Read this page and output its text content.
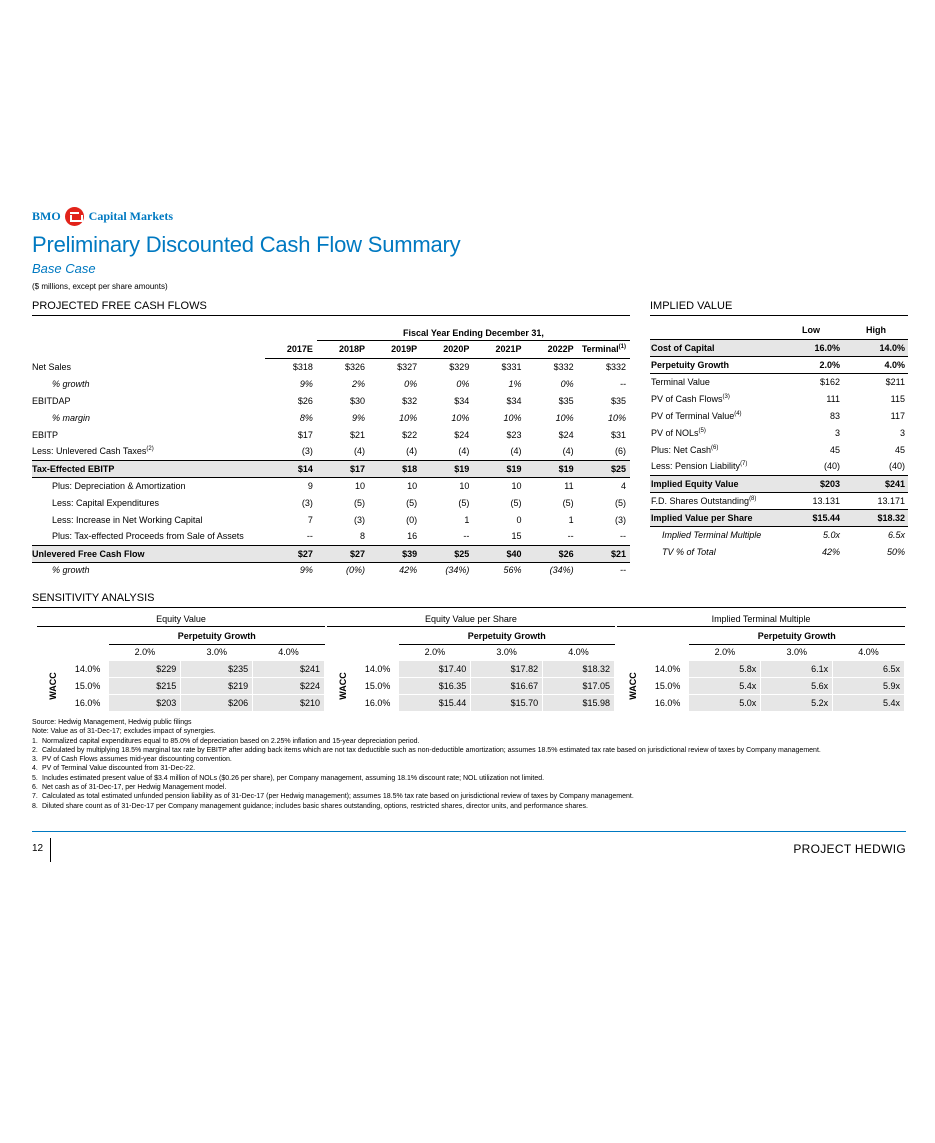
BMO Capital Markets
Preliminary Discounted Cash Flow Summary
Base Case
($ millions, except per share amounts)
PROJECTED FREE CASH FLOWS	IMPLIED VALUE
		Fiscal Year Ending December 31,					
	2017E	2018P	2019P	2020P	2021P	2022P	Terminal$^{(1)}$
Net Sales	$318	$326	$327	$329	$331	$332	$332
% growth	9%	2%	0%	0%	1%	0%	--
EBITDAP	$26	$30	$32	$34	$34	$35	$35
% margin	8%	9%	10%	10%	10%	10%	10%
EBITP	$17	$21	$22	$24	$23	$24	$31
Less: Unlevered Cash Taxes$^{(2)}$	(3)	(4)	(4)	(4)	(4)	(4)	(6)
Tax-Effected EBITP	$14	$17	$18	$19	$19	$19	$25
Plus: Depreciation & Amortization	9	10	10	10	10	11	4
Less: Capital Expenditures	(3)	(5)	(5)	(5)	(5)	(5)	(5)
Less: Increase in Net Working Capital	7	(3)	(0)	1	0	1	(3)
Plus: Tax-effected Proceeds from Sale of Assets	--	8	16	--	15	--	--
Unlevered Free Cash Flow	$27	$27	$39	$25	$40	$26	$21
% growth	9%	(0%)	42%	(34%)	56%	(34%)	--
	Low	High
Cost of Capital	16.0%	14.0%
Perpetuity Growth	2.0%	4.0%
Terminal Value	$162	$211
PV of Cash Flows$^{(3)}$	111	115
PV of Terminal Value$^{(4)}$	83	117
PV of NOLs$^{(5)}$	3	3
Plus: Net Cash$^{(6)}$	45	45
Less: Pension Liability$^{(7)}$	(40)	(40)
Implied Equity Value	$203	$241
F.D. Shares Outstanding$^{(8)}$	13.131	13.171
Implied Value per Share	$15.44	$18.32
Implied Terminal Multiple	5.0x	6.5x
TV % of Total	42%	50%
SENSITIVITY ANALYSIS
Equity Value
		Perpetuity Growth		
		2.0%	3.0%	4.0%

WACC	14.0%	$229	$235	$241
	15.0%	$215	$219	$224
	16.0%	$203	$206	$210
Equity Value per Share
		Perpetuity Growth		
		2.0%	3.0%	4.0%

WACC	14.0%	$17.40	$17.82	$18.32
	15.0%	$16.35	$16.67	$17.05
	16.0%	$15.44	$15.70	$15.98
Implied Terminal Multiple
		Perpetuity Growth		
		2.0%	3.0%	4.0%

WACC	14.0%	5.8x	6.1x	6.5x
	15.0%	5.4x	5.6x	5.9x
	16.0%	5.0x	5.2x	5.4x
Source: Hedwig Management, Hedwig public filings
Note: Value as of 31-Dec-17; excludes impact of synergies.
1. Normalized capital expenditures equal to 85.0% of depreciation based on 2.25% inflation and 15-year depreciation period.
2. Calculated by multiplying 18.5% marginal tax rate by EBITP after adding back items which are not tax deductible such as non-deductible amortization; assumes 18.5% estimated tax rate based on jurisdictional review of taxes by Company management.
3. PV of Cash Flows assumes mid-year discounting convention.
4. PV of Terminal Value discounted from 31-Dec-22.
5. Includes estimated present value of $3.4 million of NOLs ($0.26 per share), per Company management, assuming 18.1% discount rate; NOL utilization not limited.
6. Net cash as of 31-Dec-17, per Hedwig Management model.
7. Calculated as total estimated unfunded pension liability as of 31-Dec-17 (per Hedwig management); assumes 18.5% tax rate based on jurisdictional review of taxes by Company management.
8. Diluted share count as of 31-Dec-17 per Company management guidance; includes basic shares outstanding, options, restricted shares, director units, and performance shares.
12	PROJECT HEDWIG
